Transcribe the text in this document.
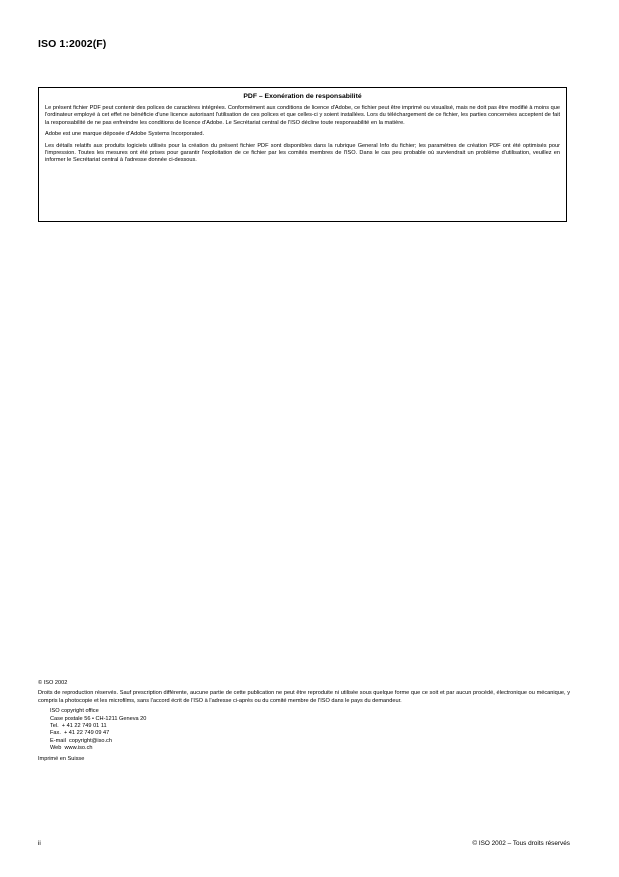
ISO 1:2002(F)
PDF – Exonération de responsabilité

Le présent fichier PDF peut contenir des polices de caractères intégrées. Conformément aux conditions de licence d'Adobe, ce fichier peut être imprimé ou visualisé, mais ne doit pas être modifié à moins que l'ordinateur employé à cet effet ne bénéficie d'une licence autorisant l'utilisation de ces polices et que celles-ci y soient installées. Lors du téléchargement de ce fichier, les parties concernées acceptent de fait la responsabilité de ne pas enfreindre les conditions de licence d'Adobe. Le Secrétariat central de l'ISO décline toute responsabilité en la matière.

Adobe est une marque déposée d'Adobe Systems Incorporated.

Les détails relatifs aux produits logiciels utilisés pour la création du présent fichier PDF sont disponibles dans la rubrique General Info du fichier; les paramètres de création PDF ont été optimisés pour l'impression. Toutes les mesures ont été prises pour garantir l'exploitation de ce fichier par les comités membres de l'ISO. Dans le cas peu probable où surviendrait un problème d'utilisation, veuillez en informer le Secrétariat central à l'adresse donnée ci-dessous.

© ISO 2002

Droits de reproduction réservés. Sauf prescription différente, aucune partie de cette publication ne peut être reproduite ni utilisée sous quelque forme que ce soit et par aucun procédé, électronique ou mécanique, y compris la photocopie et les microfilms, sans l'accord écrit de l'ISO à l'adresse ci-après ou du comité membre de l'ISO dans le pays du demandeur.

ISO copyright office
Case postale 56 • CH-1211 Geneva 20
Tel.  + 41 22 749 01 11
Fax.  + 41 22 749 09 47
E-mail  copyright@iso.ch
Web  www.iso.ch

Imprimé en Suisse

ii	© ISO 2002 – Tous droits réservés
